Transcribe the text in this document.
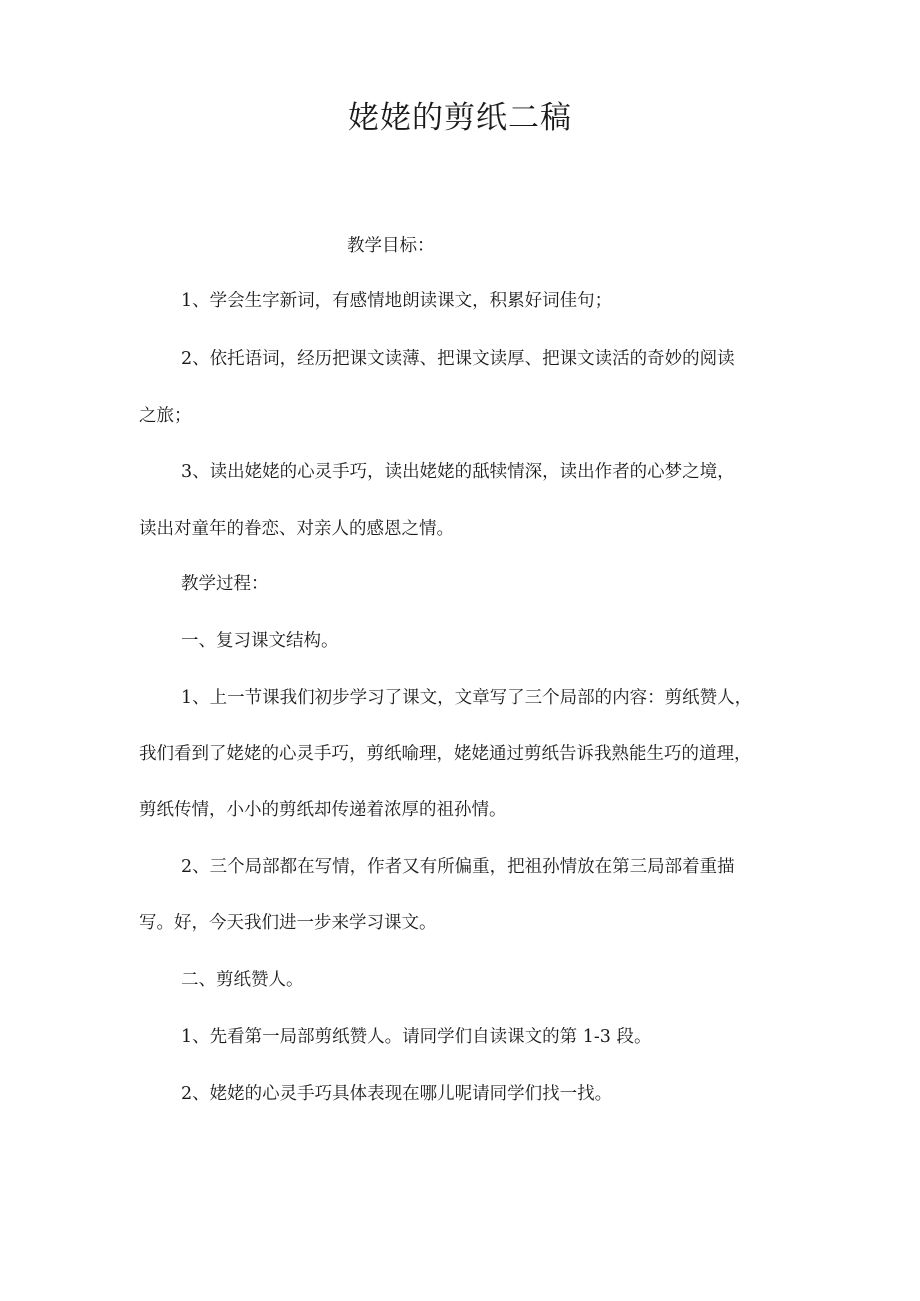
姥姥的剪纸二稿
教学目标：
1、学会生字新词，有感情地朗读课文，积累好词佳句；
2、依托语词，经历把课文读薄、把课文读厚、把课文读活的奇妙的阅读
之旅；
3、读出姥姥的心灵手巧，读出姥姥的舐犊情深，读出作者的心梦之境，
读出对童年的眷恋、对亲人的感恩之情。
教学过程：
一、复习课文结构。
1、上一节课我们初步学习了课文，文章写了三个局部的内容：剪纸赞人，
我们看到了姥姥的心灵手巧，剪纸喻理，姥姥通过剪纸告诉我熟能生巧的道理，
剪纸传情，小小的剪纸却传递着浓厚的祖孙情。
2、三个局部都在写情，作者又有所偏重，把祖孙情放在第三局部着重描
写。好，今天我们进一步来学习课文。
二、剪纸赞人。
1、先看第一局部剪纸赞人。请同学们自读课文的第 1-3 段。
2、姥姥的心灵手巧具体表现在哪儿呢请同学们找一找。
